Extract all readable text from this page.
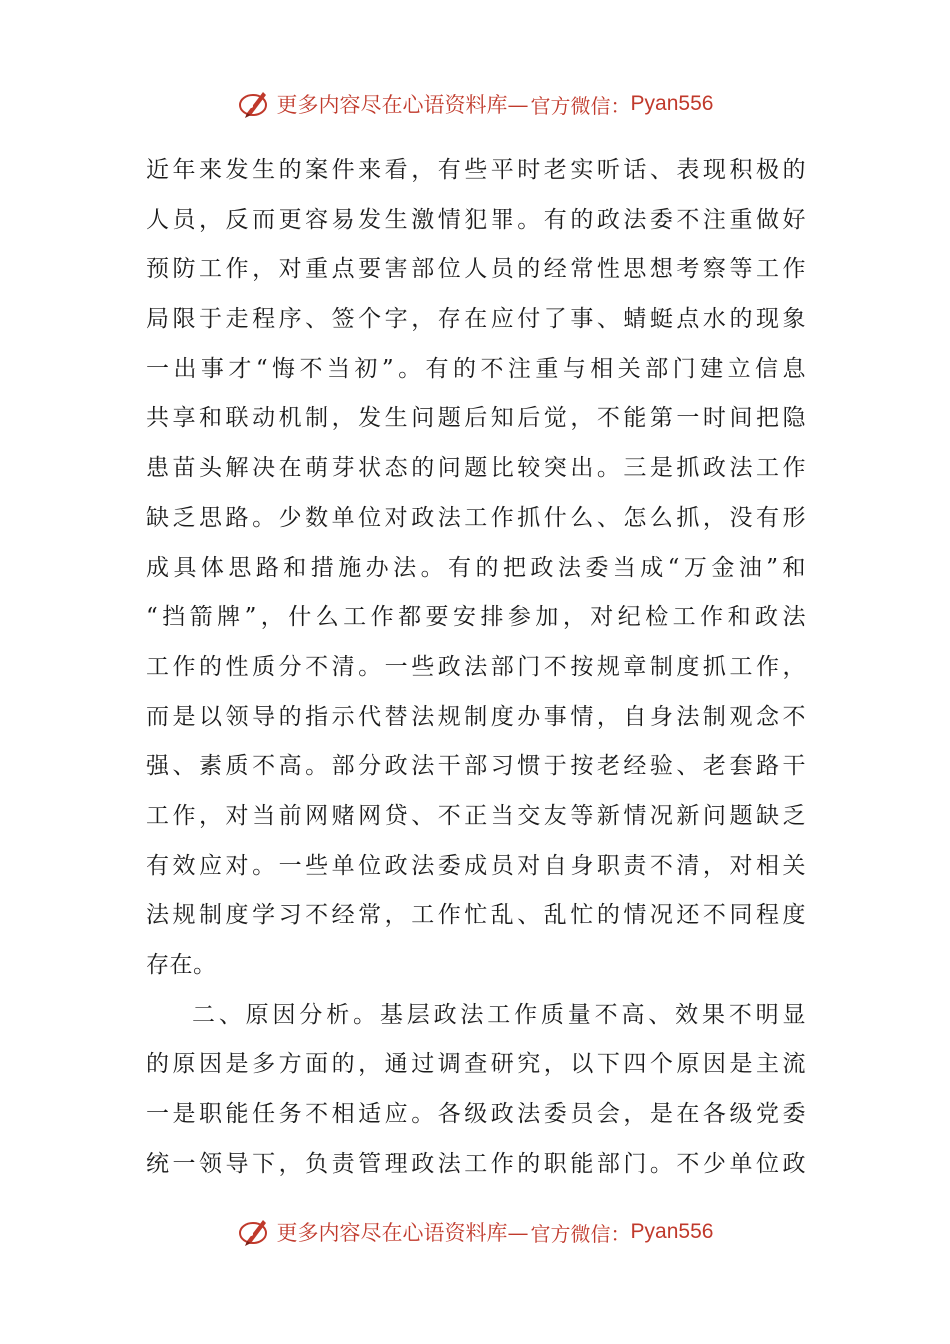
更多内容尽在心语资料库— 官方微信： Pyan556
近年来发生的案件来看，有些平时老实听话、表现积极的
人员，反而更容易发生激情犯罪。有的政法委不注重做好
预防工作，对重点要害部位人员的经常性思想考察等工作
局限于走程序、签个字，存在应付了事、蜻蜓点水的现象
一出事才“悔不当初”。有的不注重与相关部门建立信息
共享和联动机制，发生问题后知后觉，不能第一时间把隐
患苗头解决在萌芽状态的问题比较突出。三是抓政法工作
缺乏思路。少数单位对政法工作抓什么、怎么抓，没有形
成具体思路和措施办法。有的把政法委当成“万金油”和
“挡箭牌”，什么工作都要安排参加，对纪检工作和政法
工作的性质分不清。一些政法部门不按规章制度抓工作，
而是以领导的指示代替法规制度办事情，自身法制观念不
强、素质不高。部分政法干部习惯于按老经验、老套路干
工作，对当前网赌网贷、不正当交友等新情况新问题缺乏
有效应对。一些单位政法委成员对自身职责不清，对相关
法规制度学习不经常，工作忙乱、乱忙的情况还不同程度
存在。
二、原因分析。基层政法工作质量不高、效果不明显
的原因是多方面的，通过调查研究，以下四个原因是主流
一是职能任务不相适应。各级政法委员会，是在各级党委
统一领导下，负责管理政法工作的职能部门。不少单位政
更多内容尽在心语资料库— 官方微信： Pyan556
